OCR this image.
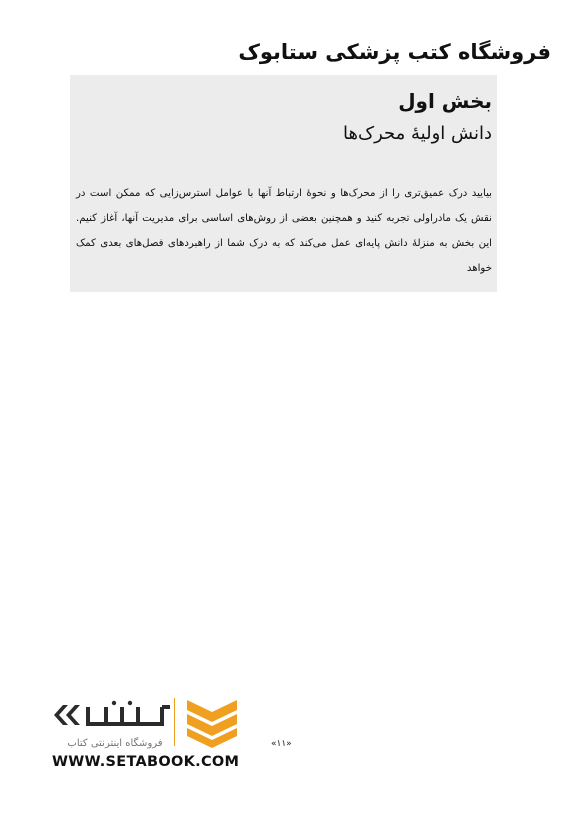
فروشگاه کتب پزشکی ستابوک
بخش اول
دانش اولیهٔ محرک‌ها

بیایید درک عمیق‌تری را از محرک‌ها و نحوهٔ ارتباط آنها با عوامل استرس‌زایی که ممکن است در نقش یک مادراولی تجربه کنید و همچنین بعضی از روش‌های اساسی برای مدیریت آنها، آغاز کنیم. این بخش به منزلهٔ دانش پایه‌ای عمل می‌کند که به درک شما از راهبردهای فصل‌های بعدی کمک خواهد

فروشگاه اینترنتی کتاب
WWW.SETABOOK.COM
«۱۱»
